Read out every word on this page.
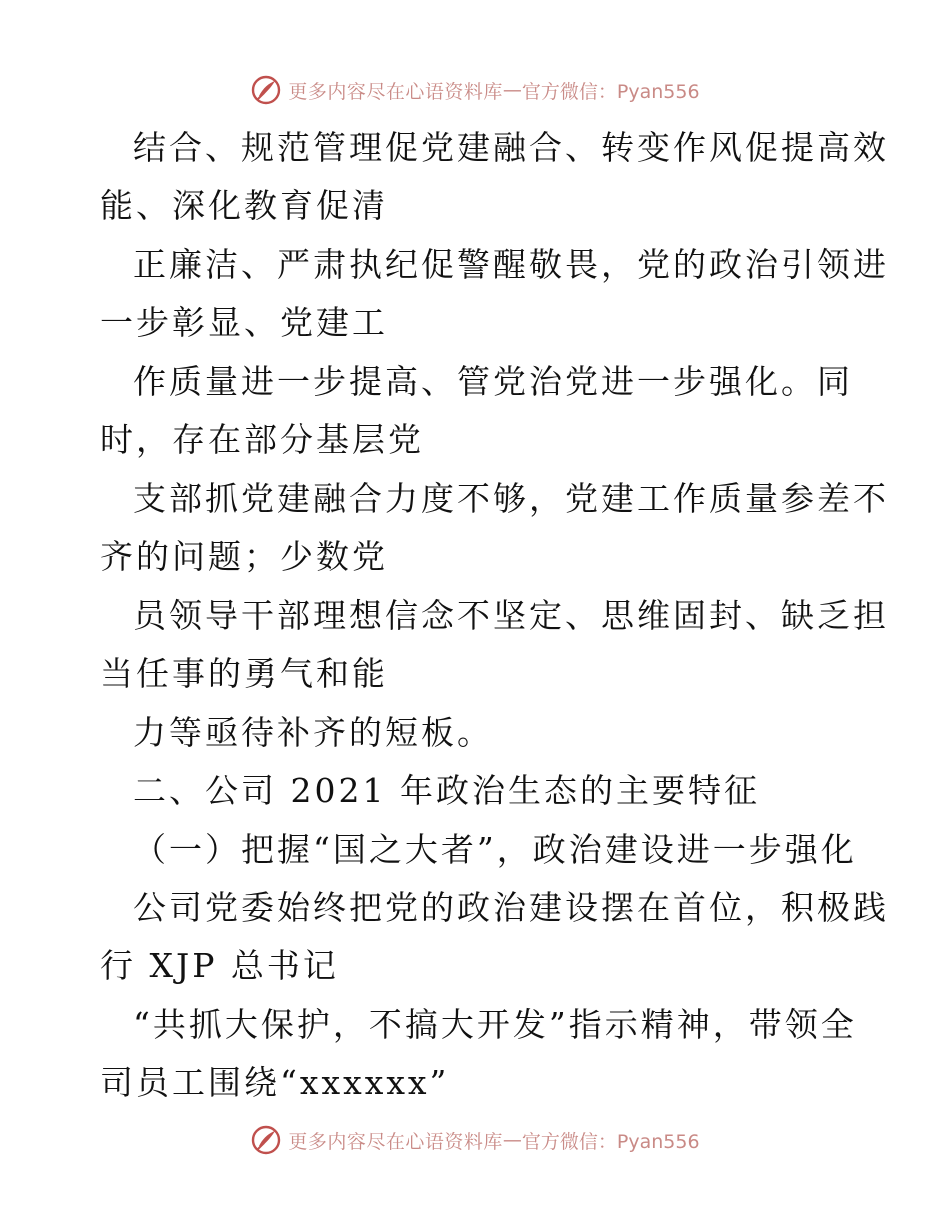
更多内容尽在心语资料库 — 官方微信：Pyan556
结合、规范管理促党建融合、转变作风促提高效
能、深化教育促清
正廉洁、严肃执纪促警醒敬畏，党的政治引领进
一步彰显、党建工
作质量进一步提高、管党治党进一步强化。同
时，存在部分基层党
支部抓党建融合力度不够，党建工作质量参差不
齐的问题；少数党
员领导干部理想信念不坚定、思维固封、缺乏担
当任事的勇气和能
力等亟待补齐的短板。
二、公司 2021 年政治生态的主要特征
（一）把握“国之大者”，政治建设进一步强化
公司党委始终把党的政治建设摆在首位，积极践
行 XJP 总书记
“共抓大保护，不搞大开发”指示精神，带领全
司员工围绕“xxxxxx”
更多内容尽在心语资料库 — 官方微信：Pyan556
